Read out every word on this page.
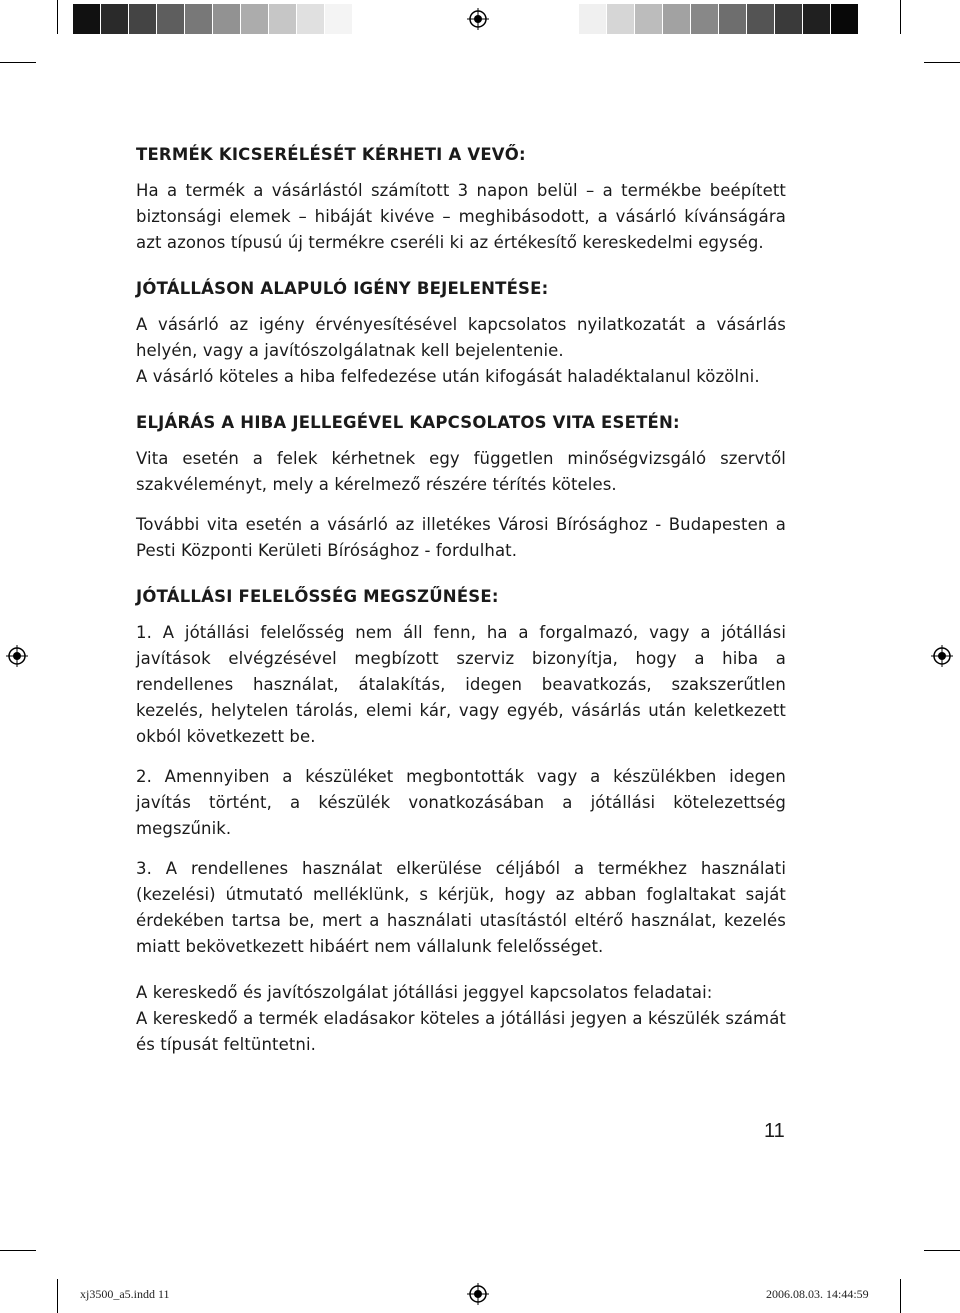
TERMÉK KICSERÉLÉSÉT KÉRHETI A VEVŐ:

Ha a termék a vásárlástól számított 3 napon belül – a termékbe beépített biztonsági elemek – hibáját kivéve – meghibásodott, a vásárló kívánságára azt azonos típusú új termékre cseréli ki az értékesítő kereskedelmi egység.

JÓTÁLLÁSON ALAPULÓ IGÉNY BEJELENTÉSE:

A vásárló az igény érvényesítésével kapcsolatos nyilatkozatát a vásárlás helyén, vagy a javítószolgálatnak kell bejelentenie.

A vásárló köteles a hiba felfedezése után kifogását haladéktalanul közölni.

ELJÁRÁS A HIBA JELLEGÉVEL KAPCSOLATOS VITA ESETÉN:

Vita esetén a felek kérhetnek egy független minőségvizsgáló szervtől szakvéleményt, mely a kérelmező részére térítés köteles.

További vita esetén a vásárló az illetékes Városi Bírósághoz - Budapesten a Pesti Központi Kerületi Bírósághoz - fordulhat.

JÓTÁLLÁSI FELELŐSSÉG MEGSZŰNÉSE:

1. A jótállási felelősség nem áll fenn, ha a forgalmazó, vagy a jótállási javítások elvégzésével megbízott szerviz bizonyítja, hogy a hiba a rendellenes használat, átalakítás, idegen beavatkozás, szakszerűtlen kezelés, helytelen tárolás, elemi kár, vagy egyéb, vásárlás után keletkezett okból következett be.

2. Amennyiben a készüléket megbontották vagy a készülékben idegen javítás történt, a készülék vonatkozásában a jótállási kötelezettség megszűnik.

3. A rendellenes használat elkerülése céljából a termékhez használati (kezelési) útmutató melléklünk, s kérjük, hogy az abban foglaltakat saját érdekében tartsa be, mert a használati utasítástól eltérő használat, kezelés miatt bekövetkezett hibáért nem vállalunk felelősséget.

A kereskedő és javítószolgálat jótállási jeggyel kapcsolatos feladatai:

A kereskedő a termék eladásakor köteles a jótállási jegyen a készülék számát és típusát feltüntetni.

11
xj3500_a5.indd 11	2006.08.03. 14:44:59
